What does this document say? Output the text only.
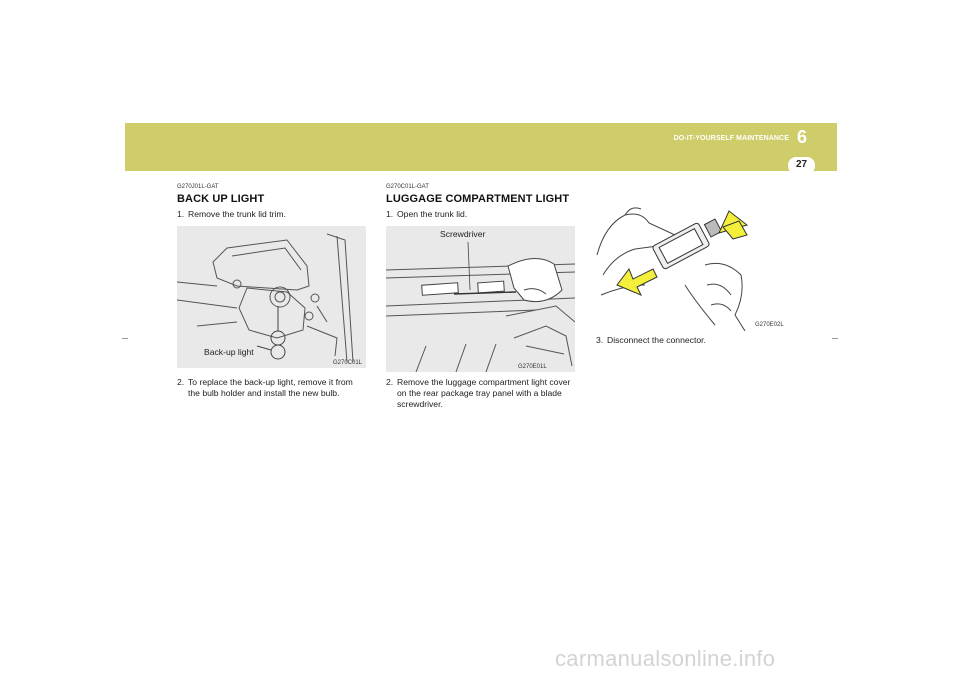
DO-IT-YOURSELF MAINTENANCE 6
27
G270J01L-GAT
BACK UP LIGHT
1. Remove the trunk lid trim.
Back-up light
G270C01L
2. To replace the back-up light, remove it from the bulb holder and install the new bulb.
G270C01L-GAT
LUGGAGE COMPARTMENT LIGHT
1. Open the trunk lid.
Screwdriver
G270E01L
2. Remove the luggage compartment light cover on the rear package tray panel with a blade screwdriver.
G270E02L
3. Disconnect the connector.
carmanualsonline.info
